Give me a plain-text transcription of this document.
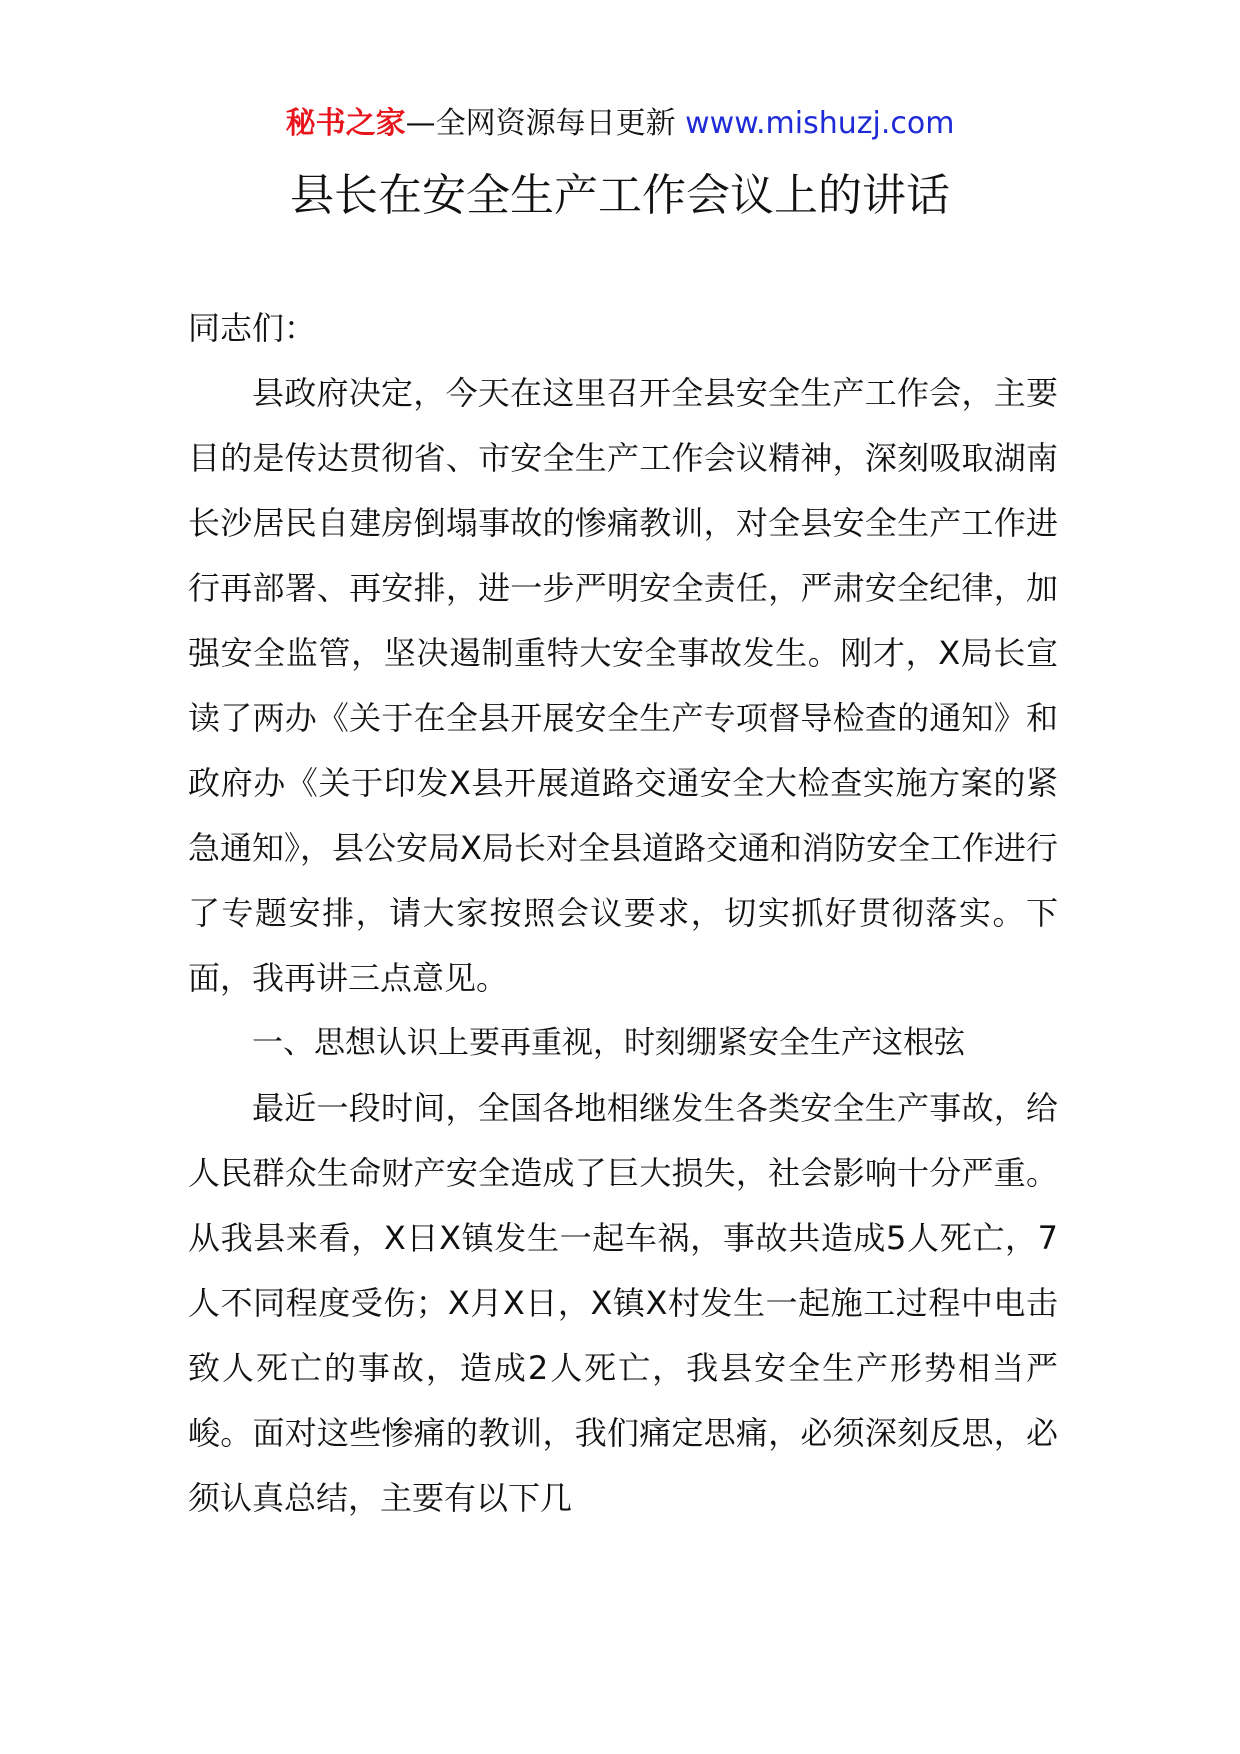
秘书之家—全网资源每日更新 www.mishuzj.com
县长在安全生产工作会议上的讲话

同志们：

县政府决定，今天在这里召开全县安全生产工作会，主要目的是传达贯彻省、市安全生产工作会议精神，深刻吸取湖南长沙居民自建房倒塌事故的惨痛教训，对全县安全生产工作进行再部署、再安排，进一步严明安全责任，严肃安全纪律，加强安全监管，坚决遏制重特大安全事故发生。刚才，X局长宣读了两办《关于在全县开展安全生产专项督导检查的通知》和政府办《关于印发X县开展道路交通安全大检查实施方案的紧急通知》，县公安局X局长对全县道路交通和消防安全工作进行了专题安排，请大家按照会议要求，切实抓好贯彻落实。下面，我再讲三点意见。

一、思想认识上要再重视，时刻绷紧安全生产这根弦

最近一段时间，全国各地相继发生各类安全生产事故，给人民群众生命财产安全造成了巨大损失，社会影响十分严重。从我县来看，X日X镇发生一起车祸，事故共造成5人死亡，7人不同程度受伤；X月X日，X镇X村发生一起施工过程中电击致人死亡的事故，造成2人死亡，我县安全生产形势相当严峻。面对这些惨痛的教训，我们痛定思痛，必须深刻反思，必须认真总结，主要有以下几
